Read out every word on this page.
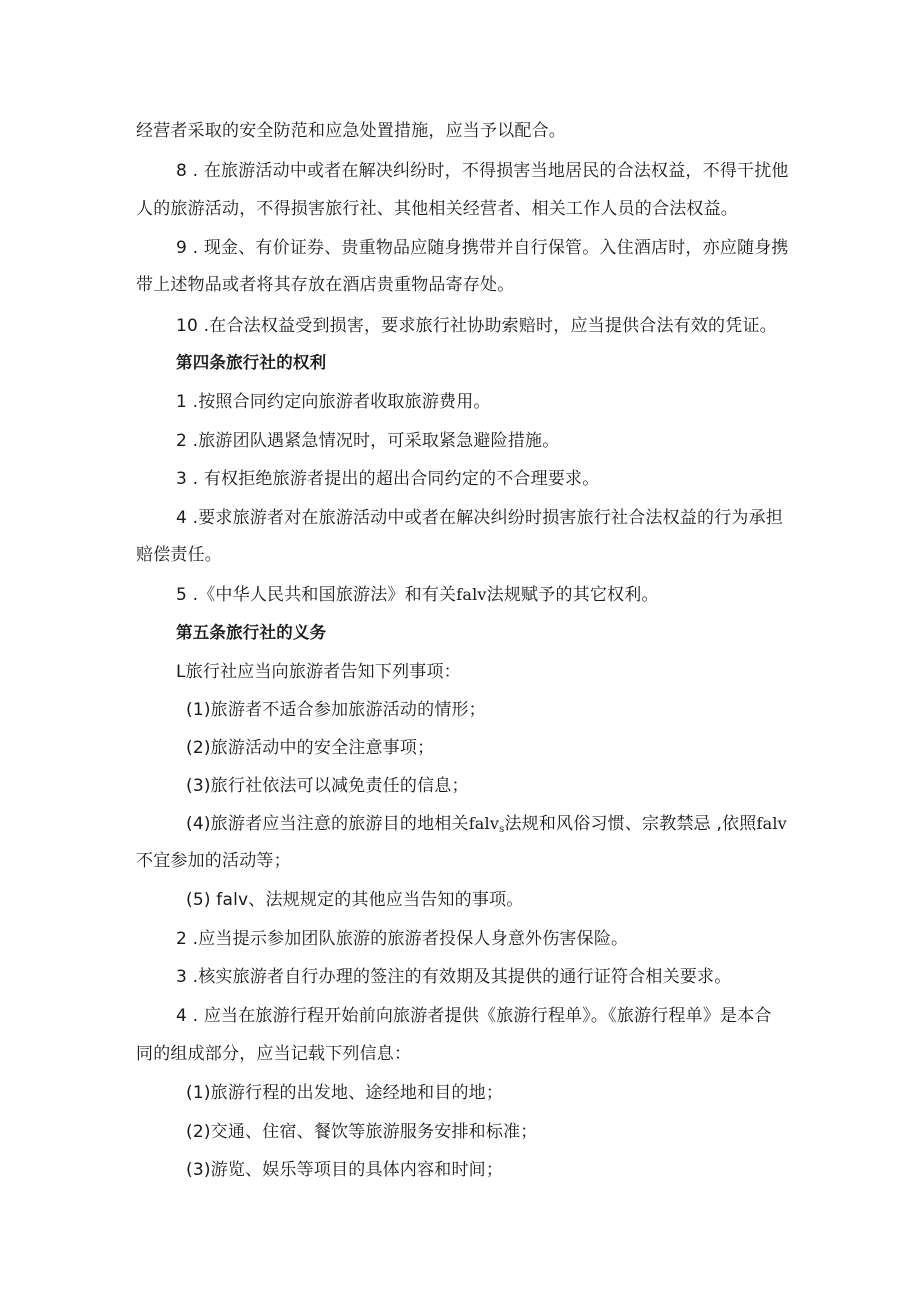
经营者采取的安全防范和应急处置措施，应当予以配合。
8 . 在旅游活动中或者在解决纠纷时，不得损害当地居民的合法权益，不得干扰他
人的旅游活动，不得损害旅行社、其他相关经营者、相关工作人员的合法权益。
9 . 现金、有价证券、贵重物品应随身携带并自行保管。入住酒店时，亦应随身携
带上述物品或者将其存放在酒店贵重物品寄存处。
10 .在合法权益受到损害，要求旅行社协助索赔时，应当提供合法有效的凭证。
第四条旅行社的权利
1 .按照合同约定向旅游者收取旅游费用。
2 .旅游团队遇紧急情况时，可采取紧急避险措施。
3 . 有权拒绝旅游者提出的超出合同约定的不合理要求。
4 .要求旅游者对在旅游活动中或者在解决纠纷时损害旅行社合法权益的行为承担
赔偿责任。
5 .《中华人民共和国旅游法》和有关falv法规赋予的其它权利。
第五条旅行社的义务
L旅行社应当向旅游者告知下列事项：
(1)旅游者不适合参加旅游活动的情形；
(2)旅游活动中的安全注意事项；
(3)旅行社依法可以减免责任的信息；
(4)旅游者应当注意的旅游目的地相关falv$_s$法规和风俗习惯、宗教禁忌 ,依照falv
不宜参加的活动等；
(5) falv、法规规定的其他应当告知的事项。
2 .应当提示参加团队旅游的旅游者投保人身意外伤害保险。
3 .核实旅游者自行办理的签注的有效期及其提供的通行证符合相关要求。
4 . 应当在旅游行程开始前向旅游者提供《旅游行程单》。《旅游行程单》是本合
同的组成部分，应当记载下列信息：
(1)旅游行程的出发地、途经地和目的地；
(2)交通、住宿、餐饮等旅游服务安排和标准；
(3)游览、娱乐等项目的具体内容和时间；
